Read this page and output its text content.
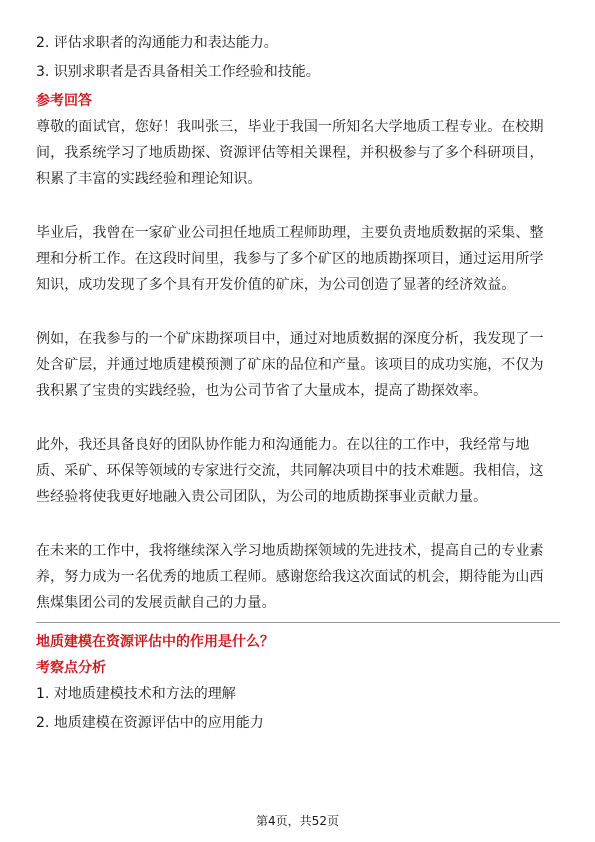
2. 评估求职者的沟通能力和表达能力。
3. 识别求职者是否具备相关工作经验和技能。
参考回答
尊敬的面试官，您好！我叫张三，毕业于我国一所知名大学地质工程专业。在校期
间，我系统学习了地质勘探、资源评估等相关课程，并积极参与了多个科研项目，
积累了丰富的实践经验和理论知识。
毕业后，我曾在一家矿业公司担任地质工程师助理，主要负责地质数据的采集、整
理和分析工作。在这段时间里，我参与了多个矿区的地质勘探项目，通过运用所学
知识，成功发现了多个具有开发价值的矿床，为公司创造了显著的经济效益。
例如，在我参与的一个矿床勘探项目中，通过对地质数据的深度分析，我发现了一
处含矿层，并通过地质建模预测了矿床的品位和产量。该项目的成功实施，不仅为
我积累了宝贵的实践经验，也为公司节省了大量成本，提高了勘探效率。
此外，我还具备良好的团队协作能力和沟通能力。在以往的工作中，我经常与地
质、采矿、环保等领域的专家进行交流，共同解决项目中的技术难题。我相信，这
些经验将使我更好地融入贵公司团队，为公司的地质勘探事业贡献力量。
在未来的工作中，我将继续深入学习地质勘探领域的先进技术，提高自己的专业素
养，努力成为一名优秀的地质工程师。感谢您给我这次面试的机会，期待能为山西
焦煤集团公司的发展贡献自己的力量。
地质建模在资源评估中的作用是什么？
考察点分析
1. 对地质建模技术和方法的理解
2. 地质建模在资源评估中的应用能力
第4页，共52页
